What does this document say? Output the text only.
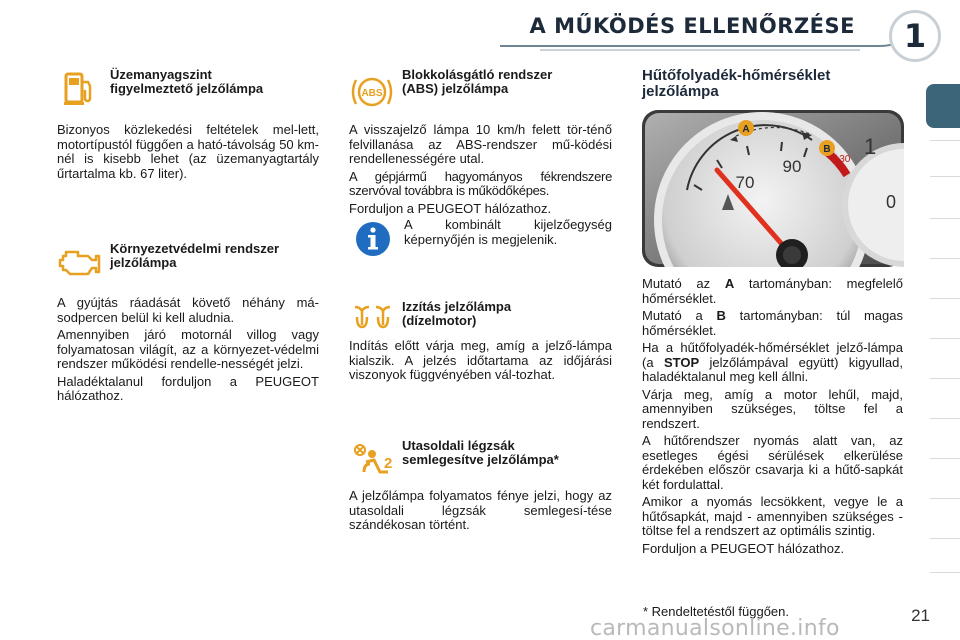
A MŰKÖDÉS ELLENŐRZÉSE	1
Üzemanyagszint
figyelmeztető jelzőlámpa

Bizonyos közlekedési feltételek mel-lett, motortípustól függően a ható-távolság 50 km-nél is kisebb lehet (az üzemanyagtartály űrtartalma kb. 67 liter).

Környezetvédelmi rendszer
jelzőlámpa

A gyújtás ráadását követő néhány má-sodpercen belül ki kell aludnia.

Amennyiben járó motornál villog vagy folyamatosan világít, az a környezet-védelmi rendszer működési rendelle-nességét jelzi.

Haladéktalanul forduljon a PEUGEOT hálózathoz.

ABS
Blokkolásgátló rendszer
(ABS) jelzőlámpa

A visszajelző lámpa 10 km/h felett tör-ténő felvillanása az ABS-rendszer mű-ködési rendellenességére utal.

A gépjármű hagyományos fékrendszere szervóval továbbra is működőképes.

Forduljon a PEUGEOT hálózathoz.

A kombinált kijelzőegység képernyőjén is megjelenik.

Izzítás jelzőlámpa
(dízelmotor)

Indítás előtt várja meg, amíg a jelző-lámpa kialszik. A jelzés időtartama az időjárási viszonyok függvényében vál-tozhat.

2
Utasoldali légzsák
semlegesítve jelzőlámpa*

A jelzőlámpa folyamatos fénye jelzi, hogy az utasoldali légzsák semlegesí-tése szándékosan történt.

Hűtőfolyadék-hőmérséklet
jelzőlámpa
A
B
70
90	130
1
0

Mutató az A tartományban: megfelelő hőmérséklet.

Mutató a B tartományban: túl magas hőmérséklet.

Ha a hűtőfolyadék-hőmérséklet jelző-lámpa (a STOP jelzőlámpával együtt) kigyullad, haladéktalanul meg kell állni.

Várja meg, amíg a motor lehűl, majd, amennyiben szükséges, töltse fel a rendszert.

A hűtőrendszer nyomás alatt van, az esetleges égési sérülések elkerülése érdekében először csavarja ki a hűtő-sapkát két fordulattal.

Amikor a nyomás lecsökkent, vegye le a hűtősapkát, majd - amennyiben szükséges - töltse fel a rendszert az optimális szintig.

Forduljon a PEUGEOT hálózathoz.

* Rendeltetéstől függően.	21
carmanualsonline.info
